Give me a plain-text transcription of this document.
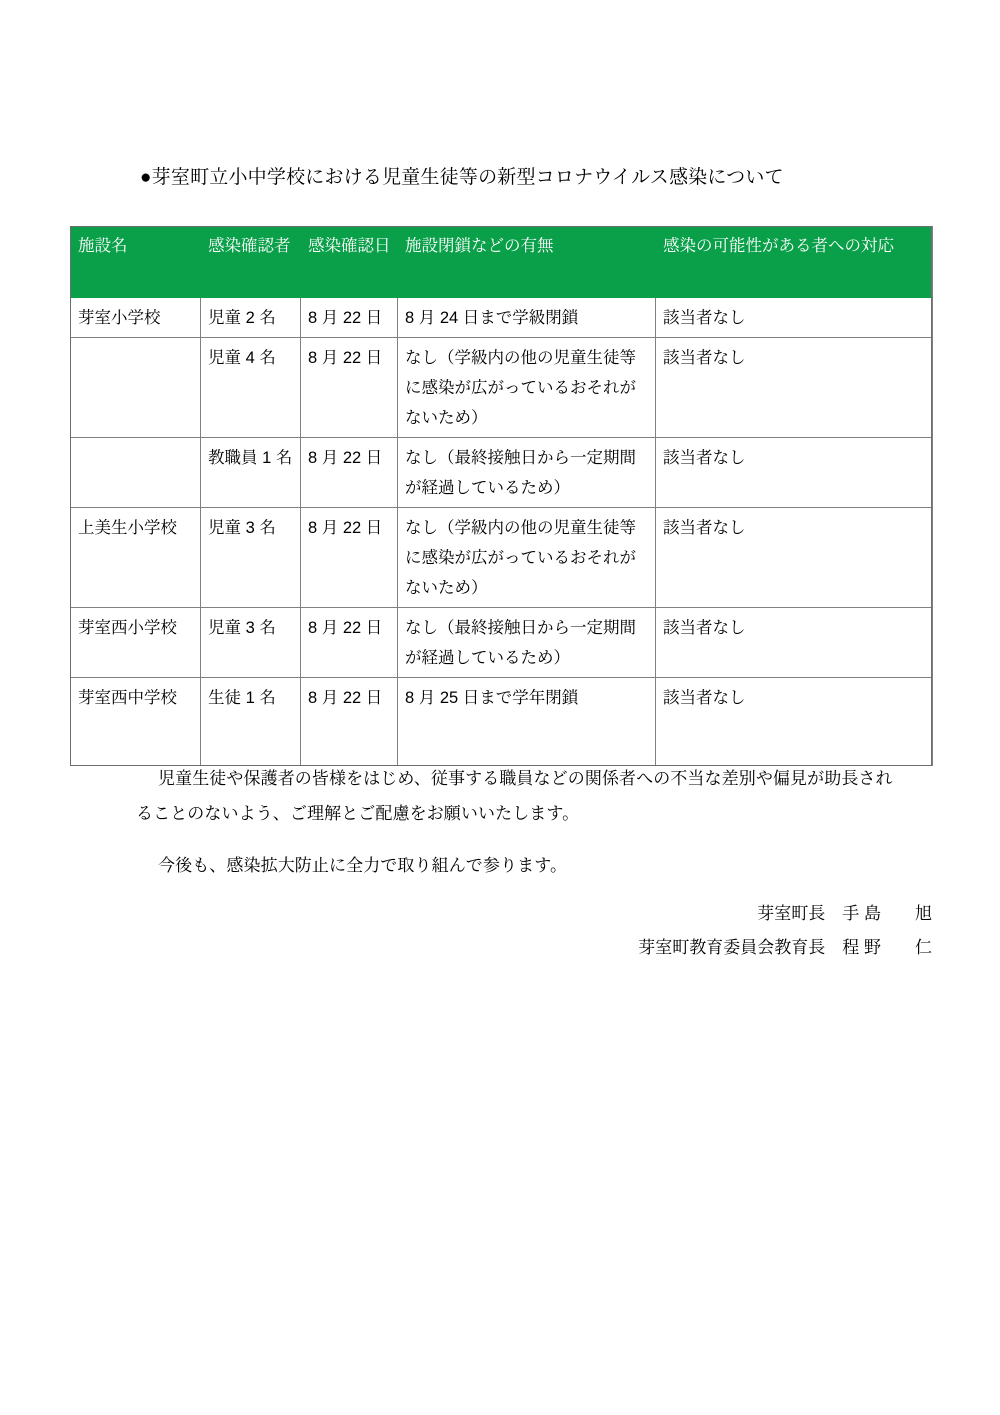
●芽室町立小中学校における児童生徒等の新型コロナウイルス感染について
施設名	感染確認者	感染確認日	施設閉鎖などの有無	感染の可能性がある者への対応
芽室小学校	児童 2 名	8 月 22 日	8 月 24 日まで学級閉鎖	該当者なし
	児童 4 名	8 月 22 日	なし（学級内の他の児童生徒等に感染が広がっているおそれがないため）	該当者なし
	教職員 1 名	8 月 22 日	なし（最終接触日から一定期間が経過しているため）	該当者なし
上美生小学校	児童 3 名	8 月 22 日	なし（学級内の他の児童生徒等に感染が広がっているおそれがないため）	該当者なし
芽室西小学校	児童 3 名	8 月 22 日	なし（最終接触日から一定期間が経過しているため）	該当者なし
芽室西中学校	生徒 1 名	8 月 22 日	8 月 25 日まで学年閉鎖	該当者なし

児童生徒や保護者の皆様をはじめ、従事する職員などの関係者への不当な差別や偏見が助長されることのないよう、ご理解とご配慮をお願いいたします。

今後も、感染拡大防止に全力で取り組んで参ります。

芽室町長　手 島　　旭
芽室町教育委員会教育長　程 野　　仁
